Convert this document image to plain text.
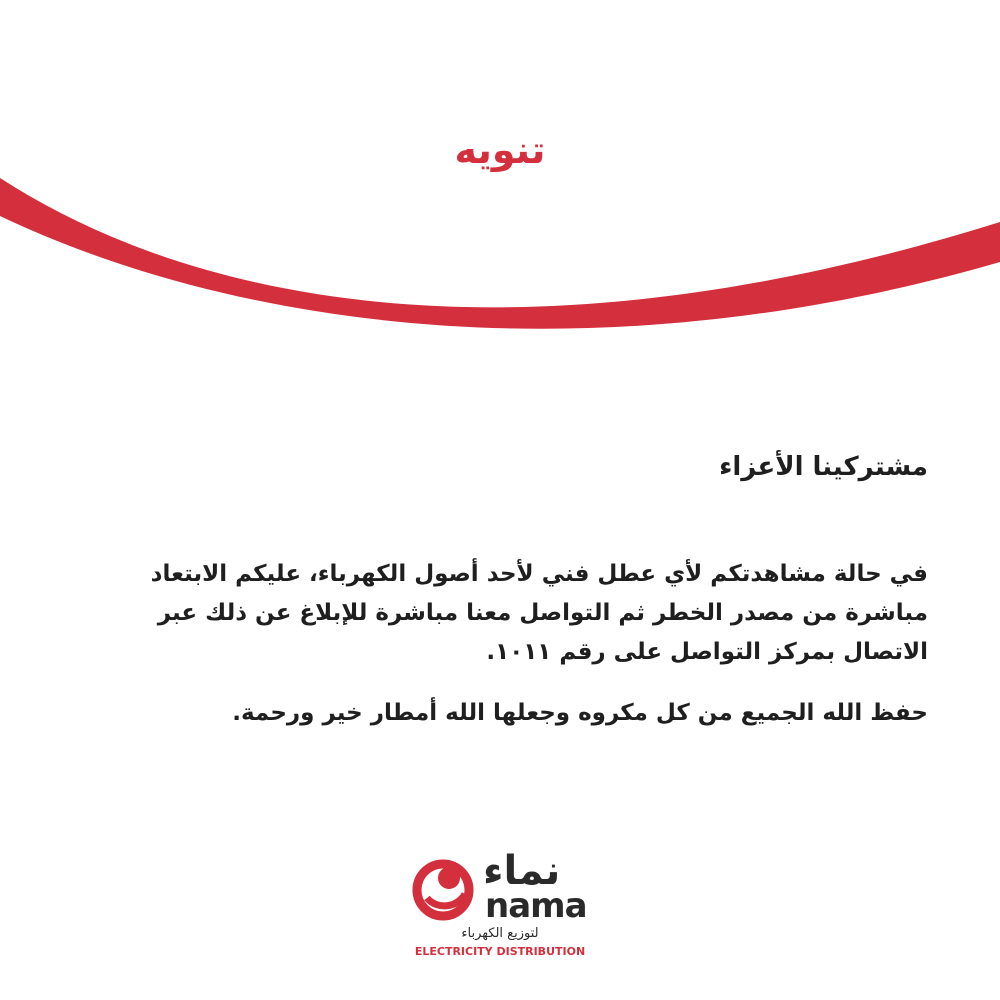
تنويه
مشتركينا الأعزاء
في حالة مشاهدتكم لأي عطل فني لأحد أصول الكهرباء، عليكم الابتعاد
مباشرة من مصدر الخطر ثم التواصل معنا مباشرة للإبلاغ عن ذلك عبر
الاتصال بمركز التواصل على رقم ١٠١١.
حفظ الله الجميع من كل مكروه وجعلها الله أمطار خير ورحمة.
نماء
nama
لتوزيع الكهرباء
ELECTRICITY DISTRIBUTION
